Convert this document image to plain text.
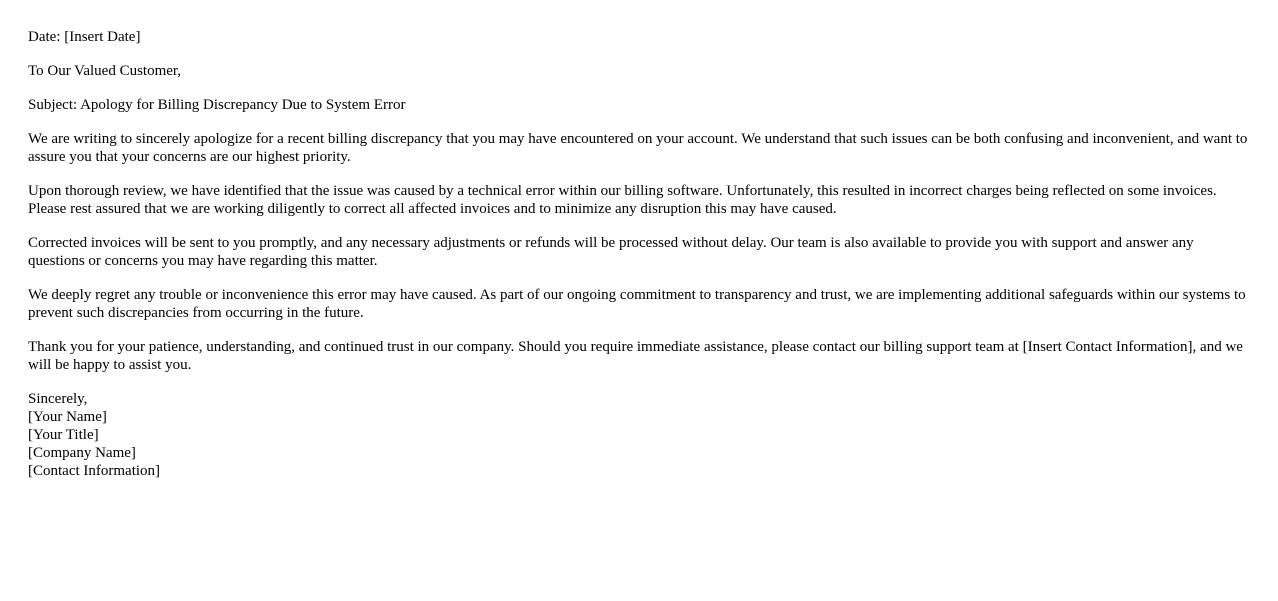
Date: [Insert Date]

To Our Valued Customer,

Subject: Apology for Billing Discrepancy Due to System Error

We are writing to sincerely apologize for a recent billing discrepancy that you may have encountered on your account. We understand that such issues can be both confusing and inconvenient, and want to assure you that your concerns are our highest priority.

Upon thorough review, we have identified that the issue was caused by a technical error within our billing software. Unfortunately, this resulted in incorrect charges being reflected on some invoices. Please rest assured that we are working diligently to correct all affected invoices and to minimize any disruption this may have caused.

Corrected invoices will be sent to you promptly, and any necessary adjustments or refunds will be processed without delay. Our team is also available to provide you with support and answer any questions or concerns you may have regarding this matter.

We deeply regret any trouble or inconvenience this error may have caused. As part of our ongoing commitment to transparency and trust, we are implementing additional safeguards within our systems to prevent such discrepancies from occurring in the future.

Thank you for your patience, understanding, and continued trust in our company. Should you require immediate assistance, please contact our billing support team at [Insert Contact Information], and we will be happy to assist you.

Sincerely,
[Your Name]
[Your Title]
[Company Name]
[Contact Information]
